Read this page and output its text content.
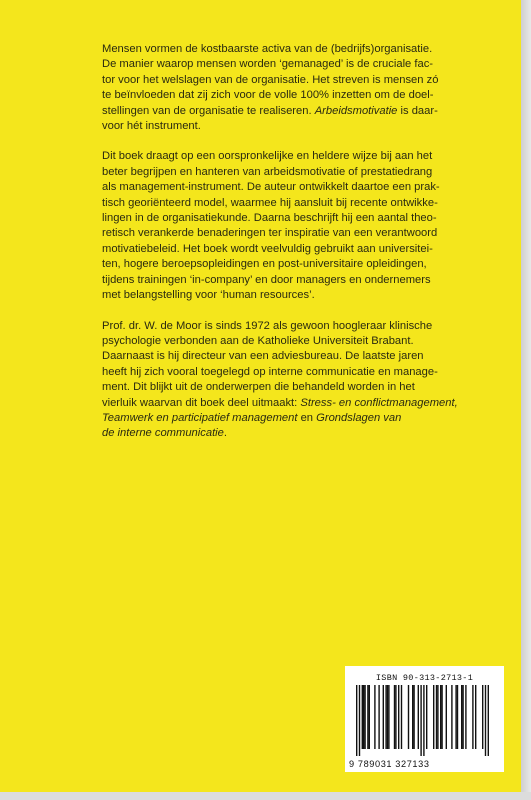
Mensen vormen de kostbaarste activa van de (bedrijfs)organisatie.
De manier waarop mensen worden ‘gemanaged’ is de cruciale fac-
tor voor het welslagen van de organisatie. Het streven is mensen zó
te beïnvloeden dat zij zich voor de volle 100% inzetten om de doel-
stellingen van de organisatie te realiseren. Arbeidsmotivatie is daar-
voor hét instrument.

Dit boek draagt op een oorspronkelijke en heldere wijze bij aan het
beter begrijpen en hanteren van arbeidsmotivatie of prestatiedrang
als management-instrument. De auteur ontwikkelt daartoe een prak-
tisch georiënteerd model, waarmee hij aansluit bij recente ontwikke-
lingen in de organisatiekunde. Daarna beschrijft hij een aantal theo-
retisch verankerde benaderingen ter inspiratie van een verantwoord
motivatiebeleid. Het boek wordt veelvuldig gebruikt aan universitei-
ten, hogere beroepsopleidingen en post-universitaire opleidingen,
tijdens trainingen ‘in-company’ en door managers en ondernemers
met belangstelling voor ‘human resources’.

Prof. dr. W. de Moor is sinds 1972 als gewoon hoogleraar klinische
psychologie verbonden aan de Katholieke Universiteit Brabant.
Daarnaast is hij directeur van een adviesbureau. De laatste jaren
heeft hij zich vooral toegelegd op interne communicatie en manage-
ment. Dit blijkt uit de onderwerpen die behandeld worden in het
vierluik waarvan dit boek deel uitmaakt: Stress- en conflictmanagement,
Teamwerk en participatief management en Grondslagen van
de interne communicatie.

ISBN 90-313-2713-1
9 789031 327133
